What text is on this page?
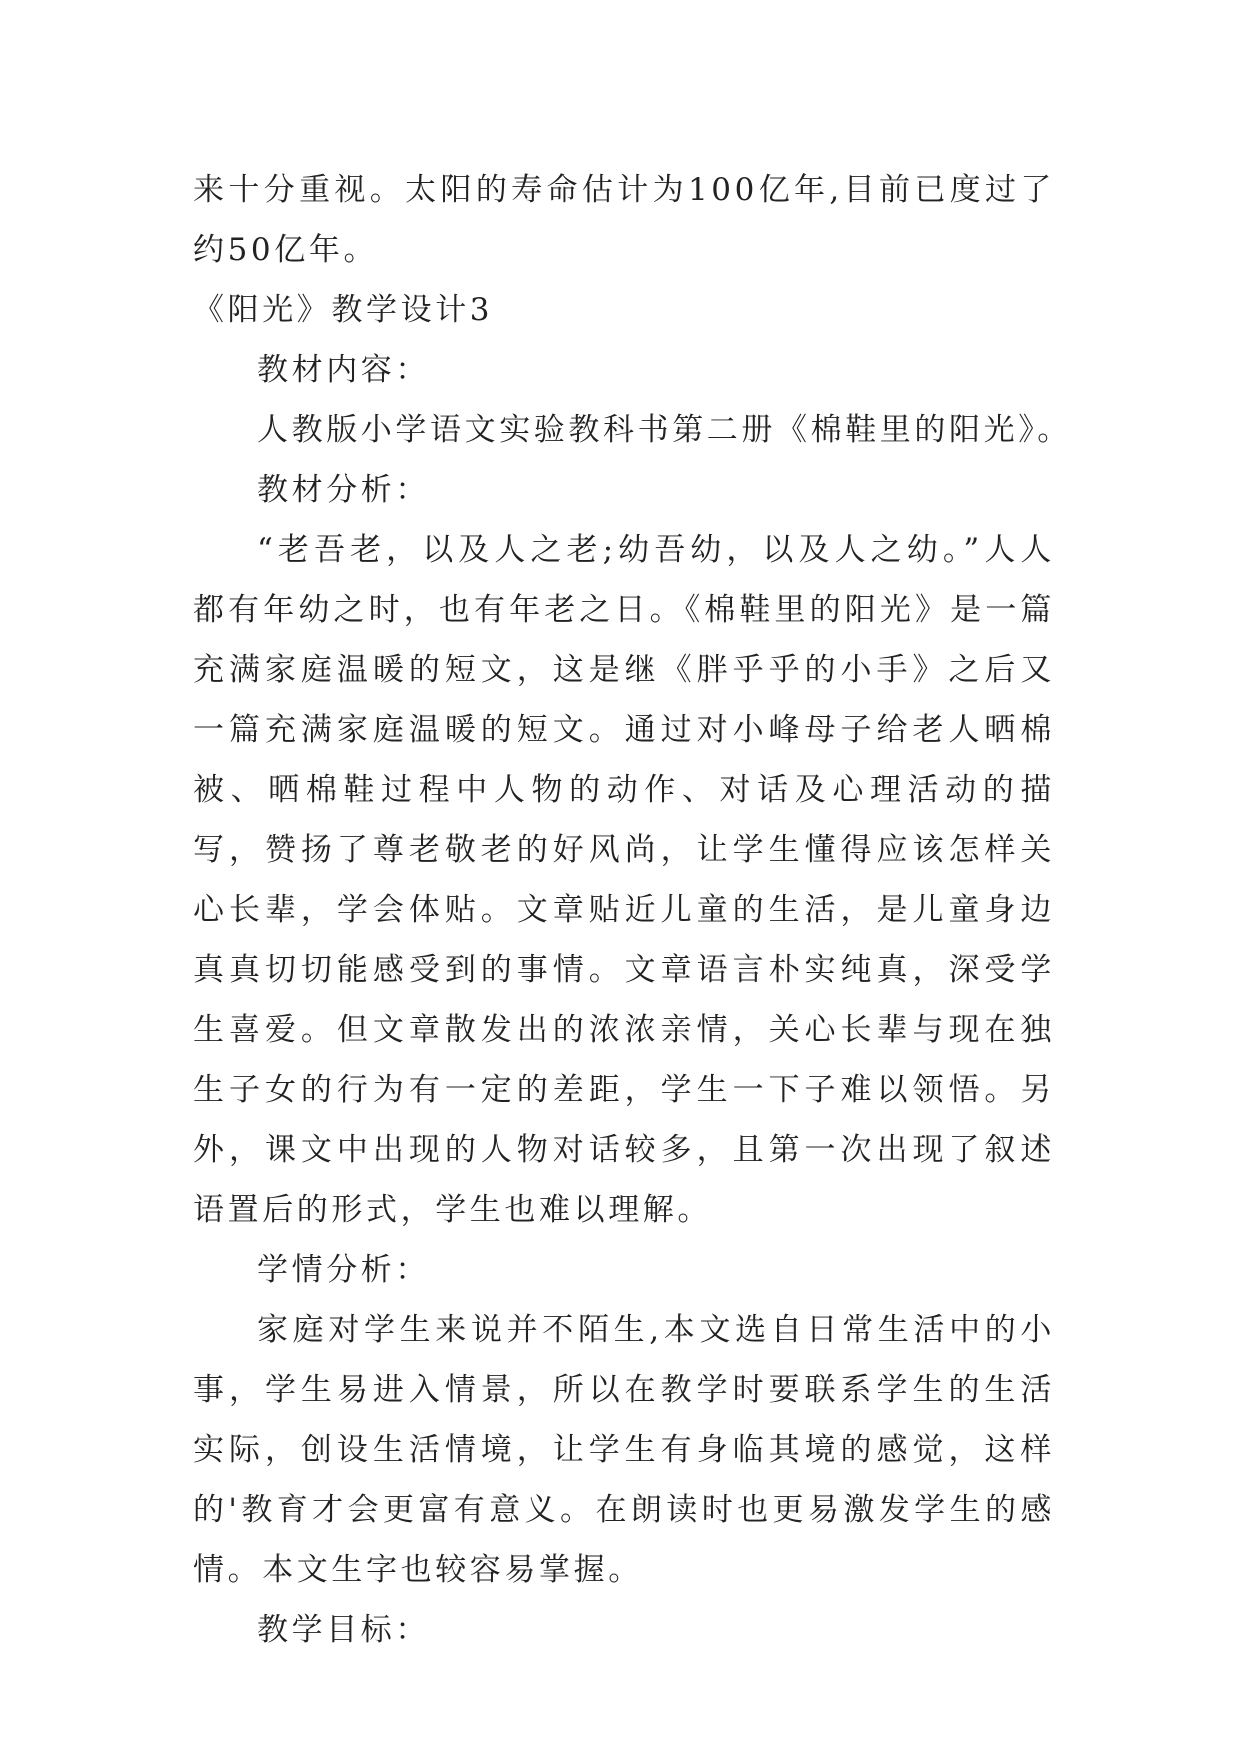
来十分重视。太阳的寿命估计为100亿年,目前已度过了约50亿年。

《阳光》教学设计3

教材内容：

人教版小学语文实验教科书第二册《棉鞋里的阳光》。

教材分析：

“老吾老，以及人之老;幼吾幼，以及人之幼。”人人都有年幼之时，也有年老之日。《棉鞋里的阳光》是一篇充满家庭温暖的短文，这是继《胖乎乎的小手》之后又一篇充满家庭温暖的短文。通过对小峰母子给老人晒棉被、晒棉鞋过程中人物的动作、对话及心理活动的描写，赞扬了尊老敬老的好风尚，让学生懂得应该怎样关心长辈，学会体贴。文章贴近儿童的生活，是儿童身边真真切切能感受到的事情。文章语言朴实纯真，深受学生喜爱。但文章散发出的浓浓亲情，关心长辈与现在独生子女的行为有一定的差距，学生一下子难以领悟。另外，课文中出现的人物对话较多，且第一次出现了叙述语置后的形式，学生也难以理解。

学情分析：

家庭对学生来说并不陌生,本文选自日常生活中的小事，学生易进入情景，所以在教学时要联系学生的生活实际，创设生活情境，让学生有身临其境的感觉，这样的'教育才会更富有意义。在朗读时也更易激发学生的感情。本文生字也较容易掌握。

教学目标：
